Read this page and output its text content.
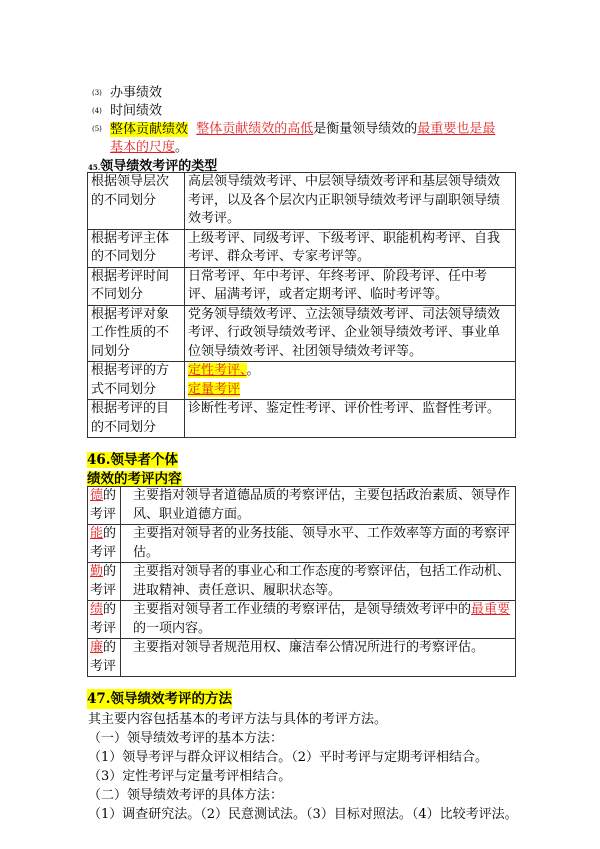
(3) 办事绩效
(4) 时间绩效
(5) 整体贡献绩效 整体贡献绩效的高低是衡量领导绩效的最重要也是最
基本的尺度。
45.领导绩效考评的类型
根据领导层次的不同划分	高层领导绩效考评、中层领导绩效考评和基层领导绩效考评，以及各个层次内正职领导绩效考评与副职领导绩效考评。
根据考评主体的不同划分	上级考评、同级考评、下级考评、职能机构考评、自我考评、群众考评、专家考评等。
根据考评时间不同划分	日常考评、年中考评、年终考评、阶段考评、任中考评、届满考评，或者定期考评、临时考评等。
根据考评对象工作性质的不同划分	党务领导绩效考评、立法领导绩效考评、司法领导绩效考评、行政领导绩效考评、企业领导绩效考评、事业单位领导绩效考评、社团领导绩效考评等。
根据考评的方式不同划分	定性考评、。
定量考评
根据考评的目的不同划分	诊断性考评、鉴定性考评、评价性考评、监督性考评。
46.领导者个体
绩效的考评内容
德的考评	主要指对领导者道德品质的考察评估，主要包括政治素质、领导作风、职业道德方面。
能的考评	主要指对领导者的业务技能、领导水平、工作效率等方面的考察评估。
勤的考评	主要指对领导者的事业心和工作态度的考察评估，包括工作动机、进取精神、责任意识、履职状态等。
绩的考评	主要指对领导者工作业绩的考察评估，是领导绩效考评中的最重要的一项内容。
廉的考评	主要指对领导者规范用权、廉洁奉公情况所进行的考察评估。
47.领导绩效考评的方法
其主要内容包括基本的考评方法与具体的考评方法。
（一）领导绩效考评的基本方法：
（1）领导考评与群众评议相结合。（2）平时考评与定期考评相结合。
（3）定性考评与定量考评相结合。
（二）领导绩效考评的具体方法：
（1）调查研究法。（2）民意测试法。（3）目标对照法。（4）比较考评法。
